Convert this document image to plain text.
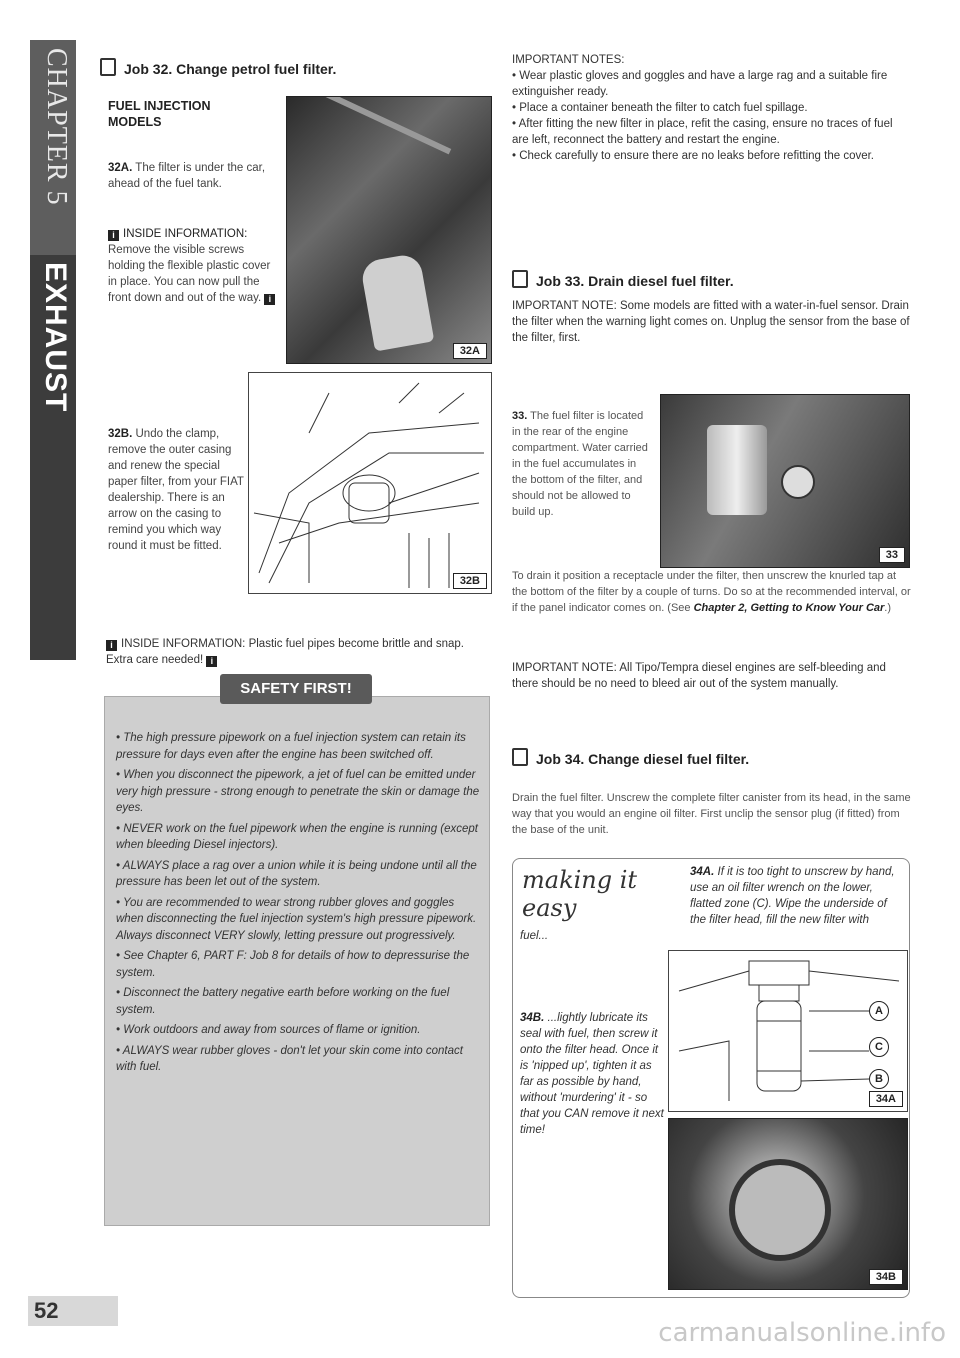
CHAPTER 5
PART E: FUEL AND EXHAUST
Job 32. Change petrol fuel filter.
FUEL INJECTION MODELS
32A. The filter is under the car, ahead of the fuel tank.
32A
i INSIDE INFORMATION: Remove the visible screws holding the flexible plastic cover in place. You can now pull the front down and out of the way. i
32B. Undo the clamp, remove the outer casing and renew the special paper filter, from your FIAT dealership. There is an arrow on the casing to remind you which way round it must be fitted.
32B
i INSIDE INFORMATION: Plastic fuel pipes become brittle and snap. Extra care needed! i
SAFETY FIRST!

• The high pressure pipework on a fuel injection system can retain its pressure for days even after the engine has been switched off.

• When you disconnect the pipework, a jet of fuel can be emitted under very high pressure - strong enough to penetrate the skin or damage the eyes.

• NEVER work on the fuel pipework when the engine is running (except when bleeding Diesel injectors).

• ALWAYS place a rag over a union while it is being undone until all the pressure has been let out of the system.

• You are recommended to wear strong rubber gloves and goggles when disconnecting the fuel injection system's high pressure pipework. Always disconnect VERY slowly, letting pressure out progressively.

• See Chapter 6, PART F: Job 8 for details of how to depressurise the system.

• Disconnect the battery negative earth before working on the fuel system.

• Work outdoors and away from sources of flame or ignition.

• ALWAYS wear rubber gloves - don't let your skin come into contact with fuel.

IMPORTANT NOTES:
• Wear plastic gloves and goggles and have a large rag and a suitable fire extinguisher ready.
• Place a container beneath the filter to catch fuel spillage.
• After fitting the new filter in place, refit the casing, ensure no traces of fuel are left, reconnect the battery and restart the engine.
• Check carefully to ensure there are no leaks before refitting the cover.
Job 33. Drain diesel fuel filter.
IMPORTANT NOTE: Some models are fitted with a water-in-fuel sensor. Drain the filter when the warning light comes on. Unplug the sensor from the base of the filter, first.
33. The fuel filter is located in the rear of the engine compartment. Water carried in the fuel accumulates in the bottom of the filter, and should not be allowed to build up.
33
To drain it position a receptacle under the filter, then unscrew the knurled tap at the bottom of the filter by a couple of turns. Do so at the recommended interval, or if the panel indicator comes on. (See Chapter 2, Getting to Know Your Car.)
IMPORTANT NOTE: All Tipo/Tempra diesel engines are self-bleeding and there should be no need to bleed air out of the system manually.
Job 34. Change diesel fuel filter.
Drain the fuel filter. Unscrew the complete filter canister from its head, in the same way that you would an engine oil filter. First unclip the sensor plug (if fitted) from the base of the unit.
making it easy
34A. If it is too tight to unscrew by hand, use an oil filter wrench on the lower, flatted zone (C). Wipe the underside of the filter head, fill the new filter with fuel...
A
C
B
34A
34B. ...lightly lubricate its seal with fuel, then screw it onto the filter head. Once it is 'nipped up', tighten it as far as possible by hand, without 'murdering' it - so that you CAN remove it next time!
34B
52
carmanualsonline.info
